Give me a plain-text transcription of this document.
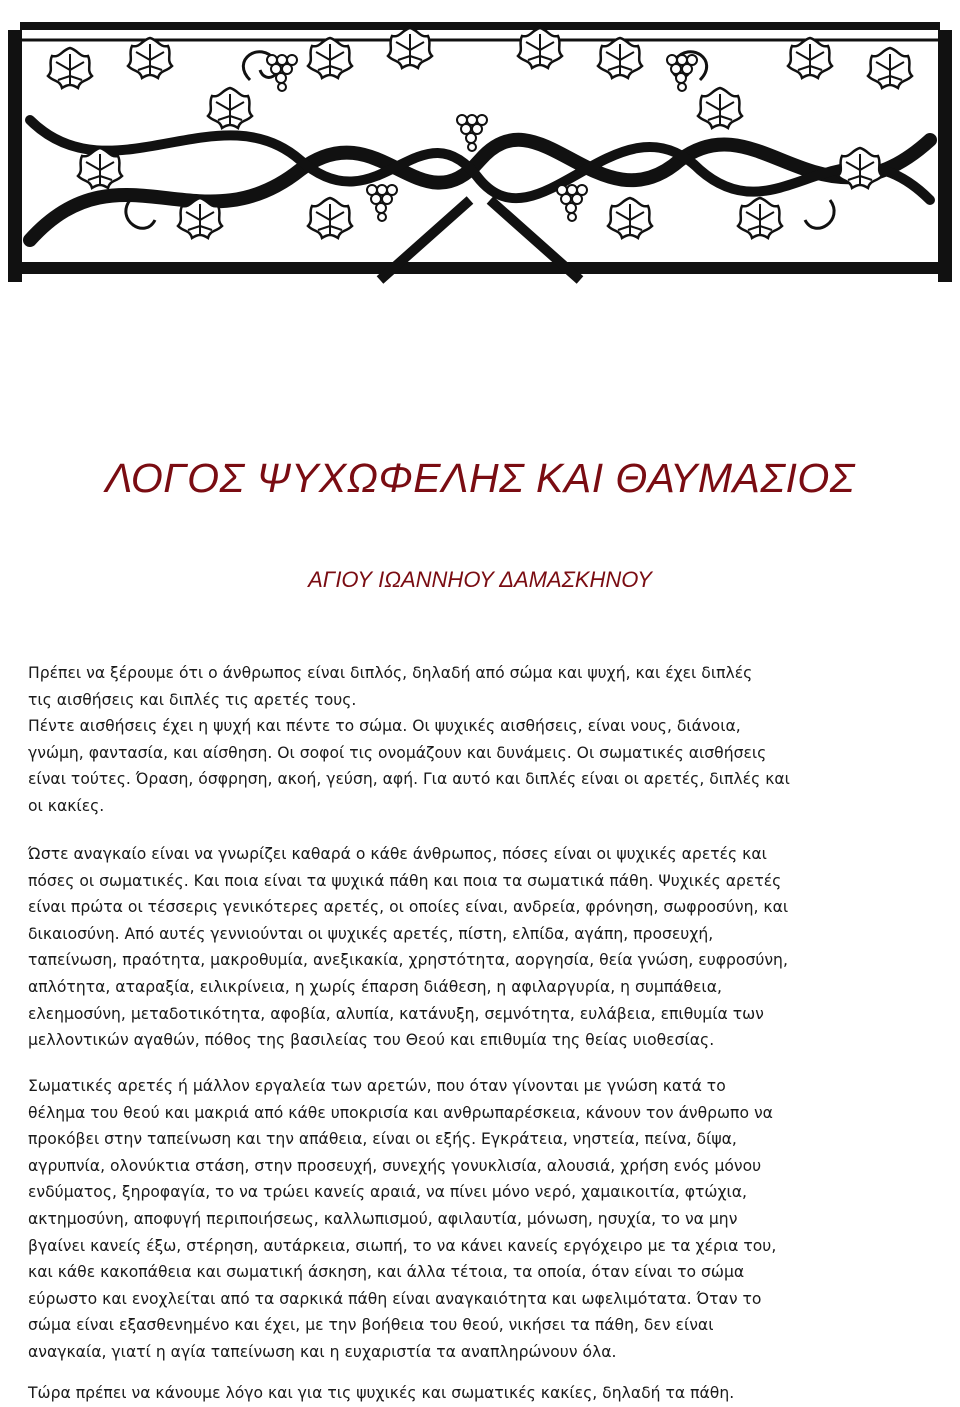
ΛΟΓΟΣ ΨΥΧΩΦΕΛΗΣ ΚΑΙ ΘΑΥΜΑΣΙΟΣ
ΑΓΙΟΥ ΙΩΑΝΝΗΟΥ ΔΑΜΑΣΚΗΝΟΥ

Πρέπει να ξέρουμε ότι ο άνθρωπος είναι διπλός, δηλαδή από σώμα και ψυχή, και έχει διπλές
τις αισθήσεις και διπλές τις αρετές τους.
Πέντε αισθήσεις έχει η ψυχή και πέντε το σώμα. Οι ψυχικές αισθήσεις, είναι νους, διάνοια,
γνώμη, φαντασία, και αίσθηση. Οι σοφοί τις ονομάζουν και δυνάμεις. Οι σωματικές αισθήσεις
είναι τούτες. Όραση, όσφρηση, ακοή, γεύση, αφή. Για αυτό και διπλές είναι οι αρετές, διπλές και
οι κακίες.

Ώστε αναγκαίο είναι να γνωρίζει καθαρά ο κάθε άνθρωπος, πόσες είναι οι ψυχικές αρετές και
πόσες οι σωματικές. Και ποια είναι τα ψυχικά πάθη και ποια τα σωματικά πάθη. Ψυχικές αρετές
είναι πρώτα οι τέσσερις γενικότερες αρετές, οι οποίες είναι, ανδρεία, φρόνηση, σωφροσύνη, και
δικαιοσύνη. Από αυτές γεννιούνται οι ψυχικές αρετές, πίστη, ελπίδα, αγάπη, προσευχή,
ταπείνωση, πραότητα, μακροθυμία, ανεξικακία, χρηστότητα, αοργησία, θεία γνώση, ευφροσύνη,
απλότητα, αταραξία, ειλικρίνεια, η χωρίς έπαρση διάθεση, η αφιλαργυρία, η συμπάθεια,
ελεημοσύνη, μεταδοτικότητα, αφοβία, αλυπία, κατάνυξη, σεμνότητα, ευλάβεια, επιθυμία των
μελλοντικών αγαθών, πόθος της βασιλείας του Θεού και επιθυμία της θείας υιοθεσίας.

Σωματικές αρετές ή μάλλον εργαλεία των αρετών, που όταν γίνονται με γνώση κατά το
θέλημα του θεού και μακριά από κάθε υποκρισία και ανθρωπαρέσκεια, κάνουν τον άνθρωπο να
προκόβει στην ταπείνωση και την απάθεια, είναι οι εξής. Εγκράτεια, νηστεία, πείνα, δίψα,
αγρυπνία, ολονύκτια στάση, στην προσευχή, συνεχής γονυκλισία, αλουσιά, χρήση ενός μόνου
ενδύματος, ξηροφαγία, το να τρώει κανείς αραιά, να πίνει μόνο νερό, χαμαικοιτία, φτώχια,
ακτημοσύνη, αποφυγή περιποιήσεως, καλλωπισμού, αφιλαυτία, μόνωση, ησυχία, το να μην
βγαίνει κανείς έξω, στέρηση, αυτάρκεια, σιωπή, το να κάνει κανείς εργόχειρο με τα χέρια του,
και κάθε κακοπάθεια και σωματική άσκηση, και άλλα τέτοια, τα οποία, όταν είναι το σώμα
εύρωστο και ενοχλείται από τα σαρκικά πάθη είναι αναγκαιότητα και ωφελιμότατα. Όταν το
σώμα είναι εξασθενημένο και έχει, με την βοήθεια του θεού, νικήσει τα πάθη, δεν είναι
αναγκαία, γιατί η αγία ταπείνωση και η ευχαριστία τα αναπληρώνουν όλα.

Τώρα πρέπει να κάνουμε λόγο και για τις ψυχικές και σωματικές κακίες, δηλαδή τα πάθη.
